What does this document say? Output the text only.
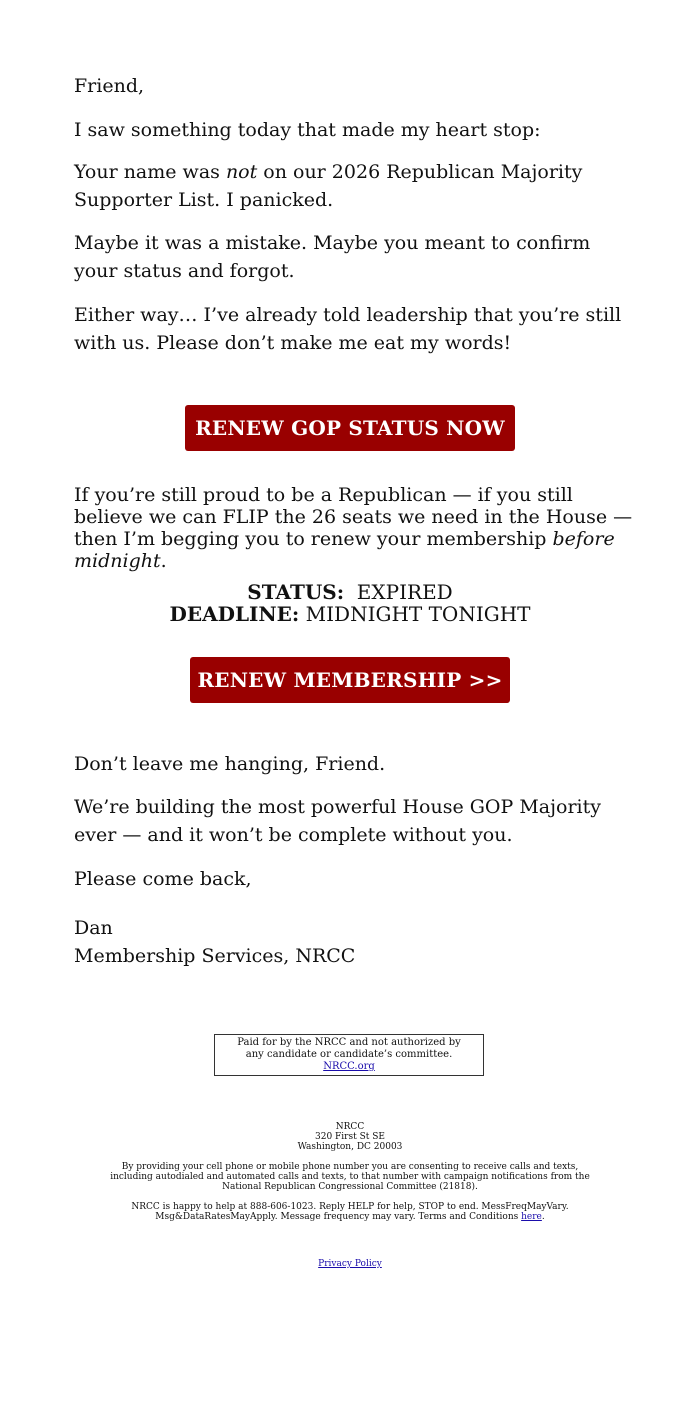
Friend,

I saw something today that made my heart stop:

Your name was not on our 2026 Republican Majority Supporter List. I panicked.

Maybe it was a mistake. Maybe you meant to confirm your status and forgot.

Either way… I’ve already told leadership that you’re still with us. Please don’t make me eat my words!

RENEW GOP STATUS NOW

If you’re still proud to be a Republican — if you still believe we can FLIP the 26 seats we need in the House — then I’m begging you to renew your membership before midnight.

STATUS:  EXPIRED
DEADLINE: MIDNIGHT TONIGHT
RENEW MEMBERSHIP >>

Don’t leave me hanging, Friend.

We’re building the most powerful House GOP Majority ever — and it won’t be complete without you.

Please come back,

Dan

Membership Services, NRCC

Paid for by the NRCC and not authorized by any candidate or candidate’s committee. NRCC.org
NRCC
320 First St SE
Washington, DC 20003
By providing your cell phone or mobile phone number you are consenting to receive calls and texts, including autodialed and automated calls and texts, to that number with campaign notifications from the National Republican Congressional Committee (21818).
NRCC is happy to help at 888-606-1023. Reply HELP for help, STOP to end. MessFreqMayVary. Msg&DataRatesMayApply. Message frequency may vary. Terms and Conditions here.
Privacy Policy
